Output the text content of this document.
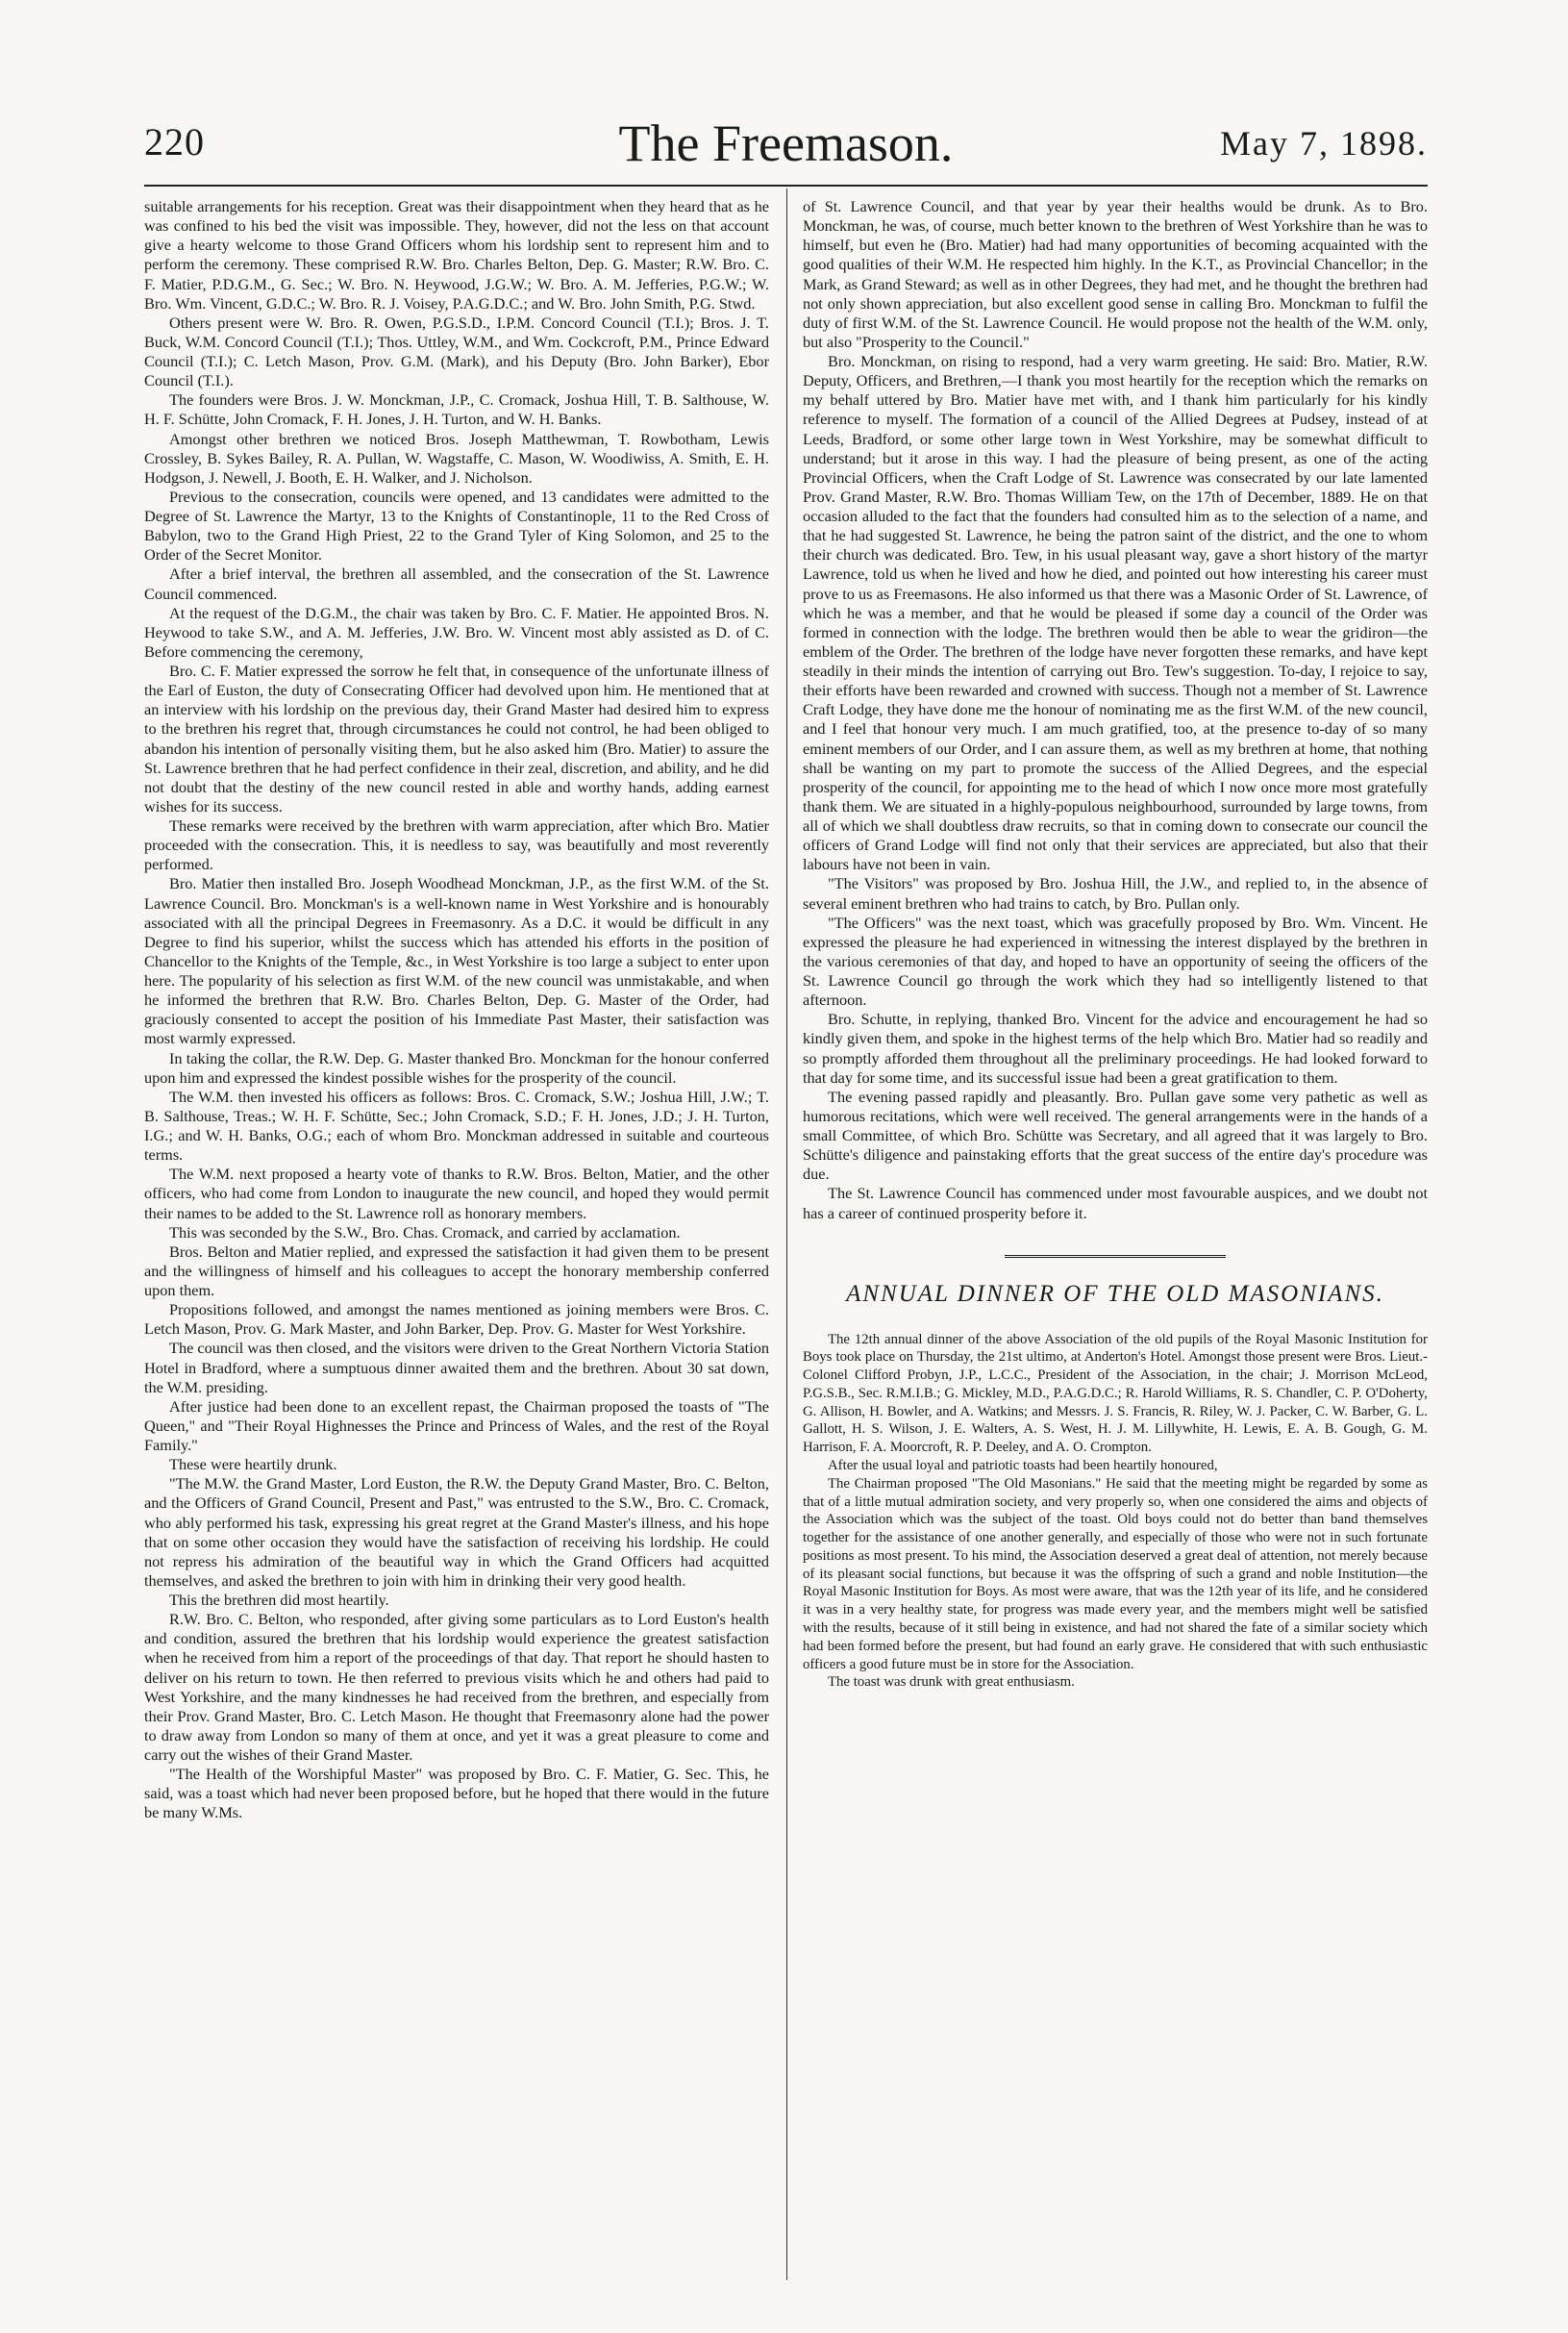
220	The Freemason.	May 7, 1898.

suitable arrangements for his reception. Great was their disappointment when they heard that as he was confined to his bed the visit was impossible. They, however, did not the less on that account give a hearty welcome to those Grand Officers whom his lordship sent to represent him and to perform the ceremony. These comprised R.W. Bro. Charles Belton, Dep. G. Master; R.W. Bro. C. F. Matier, P.D.G.M., G. Sec.; W. Bro. N. Heywood, J.G.W.; W. Bro. A. M. Jefferies, P.G.W.; W. Bro. Wm. Vincent, G.D.C.; W. Bro. R. J. Voisey, P.A.G.D.C.; and W. Bro. John Smith, P.G. Stwd.

Others present were W. Bro. R. Owen, P.G.S.D., I.P.M. Concord Council (T.I.); Bros. J. T. Buck, W.M. Concord Council (T.I.); Thos. Uttley, W.M., and Wm. Cockcroft, P.M., Prince Edward Council (T.I.); C. Letch Mason, Prov. G.M. (Mark), and his Deputy (Bro. John Barker), Ebor Council (T.I.).

The founders were Bros. J. W. Monckman, J.P., C. Cromack, Joshua Hill, T. B. Salthouse, W. H. F. Schütte, John Cromack, F. H. Jones, J. H. Turton, and W. H. Banks.

Amongst other brethren we noticed Bros. Joseph Matthewman, T. Rowbotham, Lewis Crossley, B. Sykes Bailey, R. A. Pullan, W. Wagstaffe, C. Mason, W. Woodiwiss, A. Smith, E. H. Hodgson, J. Newell, J. Booth, E. H. Walker, and J. Nicholson.

Previous to the consecration, councils were opened, and 13 candidates were admitted to the Degree of St. Lawrence the Martyr, 13 to the Knights of Constantinople, 11 to the Red Cross of Babylon, two to the Grand High Priest, 22 to the Grand Tyler of King Solomon, and 25 to the Order of the Secret Monitor.

After a brief interval, the brethren all assembled, and the consecration of the St. Lawrence Council commenced.

At the request of the D.G.M., the chair was taken by Bro. C. F. Matier. He appointed Bros. N. Heywood to take S.W., and A. M. Jefferies, J.W. Bro. W. Vincent most ably assisted as D. of C. Before commencing the ceremony,

Bro. C. F. Matier expressed the sorrow he felt that, in consequence of the unfortunate illness of the Earl of Euston, the duty of Consecrating Officer had devolved upon him. He mentioned that at an interview with his lordship on the previous day, their Grand Master had desired him to express to the brethren his regret that, through circumstances he could not control, he had been obliged to abandon his intention of personally visiting them, but he also asked him (Bro. Matier) to assure the St. Lawrence brethren that he had perfect confidence in their zeal, discretion, and ability, and he did not doubt that the destiny of the new council rested in able and worthy hands, adding earnest wishes for its success.

These remarks were received by the brethren with warm appreciation, after which Bro. Matier proceeded with the consecration. This, it is needless to say, was beautifully and most reverently performed.

Bro. Matier then installed Bro. Joseph Woodhead Monckman, J.P., as the first W.M. of the St. Lawrence Council. Bro. Monckman's is a well-known name in West Yorkshire and is honourably associated with all the principal Degrees in Freemasonry. As a D.C. it would be difficult in any Degree to find his superior, whilst the success which has attended his efforts in the position of Chancellor to the Knights of the Temple, &c., in West Yorkshire is too large a subject to enter upon here. The popularity of his selection as first W.M. of the new council was unmistakable, and when he informed the brethren that R.W. Bro. Charles Belton, Dep. G. Master of the Order, had graciously consented to accept the position of his Immediate Past Master, their satisfaction was most warmly expressed.

In taking the collar, the R.W. Dep. G. Master thanked Bro. Monckman for the honour conferred upon him and expressed the kindest possible wishes for the prosperity of the council.

The W.M. then invested his officers as follows: Bros. C. Cromack, S.W.; Joshua Hill, J.W.; T. B. Salthouse, Treas.; W. H. F. Schütte, Sec.; John Cromack, S.D.; F. H. Jones, J.D.; J. H. Turton, I.G.; and W. H. Banks, O.G.; each of whom Bro. Monckman addressed in suitable and courteous terms.

The W.M. next proposed a hearty vote of thanks to R.W. Bros. Belton, Matier, and the other officers, who had come from London to inaugurate the new council, and hoped they would permit their names to be added to the St. Lawrence roll as honorary members.

This was seconded by the S.W., Bro. Chas. Cromack, and carried by acclamation.

Bros. Belton and Matier replied, and expressed the satisfaction it had given them to be present and the willingness of himself and his colleagues to accept the honorary membership conferred upon them.

Propositions followed, and amongst the names mentioned as joining members were Bros. C. Letch Mason, Prov. G. Mark Master, and John Barker, Dep. Prov. G. Master for West Yorkshire.

The council was then closed, and the visitors were driven to the Great Northern Victoria Station Hotel in Bradford, where a sumptuous dinner awaited them and the brethren. About 30 sat down, the W.M. presiding.

After justice had been done to an excellent repast, the Chairman proposed the toasts of "The Queen," and "Their Royal Highnesses the Prince and Princess of Wales, and the rest of the Royal Family."

These were heartily drunk.

"The M.W. the Grand Master, Lord Euston, the R.W. the Deputy Grand Master, Bro. C. Belton, and the Officers of Grand Council, Present and Past," was entrusted to the S.W., Bro. C. Cromack, who ably performed his task, expressing his great regret at the Grand Master's illness, and his hope that on some other occasion they would have the satisfaction of receiving his lordship. He could not repress his admiration of the beautiful way in which the Grand Officers had acquitted themselves, and asked the brethren to join with him in drinking their very good health.

This the brethren did most heartily.

R.W. Bro. C. Belton, who responded, after giving some particulars as to Lord Euston's health and condition, assured the brethren that his lordship would experience the greatest satisfaction when he received from him a report of the proceedings of that day. That report he should hasten to deliver on his return to town. He then referred to previous visits which he and others had paid to West Yorkshire, and the many kindnesses he had received from the brethren, and especially from their Prov. Grand Master, Bro. C. Letch Mason. He thought that Freemasonry alone had the power to draw away from London so many of them at once, and yet it was a great pleasure to come and carry out the wishes of their Grand Master.

"The Health of the Worshipful Master" was proposed by Bro. C. F. Matier, G. Sec. This, he said, was a toast which had never been proposed before, but he hoped that there would in the future be many W.Ms.

of St. Lawrence Council, and that year by year their healths would be drunk. As to Bro. Monckman, he was, of course, much better known to the brethren of West Yorkshire than he was to himself, but even he (Bro. Matier) had had many opportunities of becoming acquainted with the good qualities of their W.M. He respected him highly. In the K.T., as Provincial Chancellor; in the Mark, as Grand Steward; as well as in other Degrees, they had met, and he thought the brethren had not only shown appreciation, but also excellent good sense in calling Bro. Monckman to fulfil the duty of first W.M. of the St. Lawrence Council. He would propose not the health of the W.M. only, but also "Prosperity to the Council."

Bro. Monckman, on rising to respond, had a very warm greeting. He said: Bro. Matier, R.W. Deputy, Officers, and Brethren,—I thank you most heartily for the reception which the remarks on my behalf uttered by Bro. Matier have met with, and I thank him particularly for his kindly reference to myself. The formation of a council of the Allied Degrees at Pudsey, instead of at Leeds, Bradford, or some other large town in West Yorkshire, may be somewhat difficult to understand; but it arose in this way. I had the pleasure of being present, as one of the acting Provincial Officers, when the Craft Lodge of St. Lawrence was consecrated by our late lamented Prov. Grand Master, R.W. Bro. Thomas William Tew, on the 17th of December, 1889. He on that occasion alluded to the fact that the founders had consulted him as to the selection of a name, and that he had suggested St. Lawrence, he being the patron saint of the district, and the one to whom their church was dedicated. Bro. Tew, in his usual pleasant way, gave a short history of the martyr Lawrence, told us when he lived and how he died, and pointed out how interesting his career must prove to us as Freemasons. He also informed us that there was a Masonic Order of St. Lawrence, of which he was a member, and that he would be pleased if some day a council of the Order was formed in connection with the lodge. The brethren would then be able to wear the gridiron—the emblem of the Order. The brethren of the lodge have never forgotten these remarks, and have kept steadily in their minds the intention of carrying out Bro. Tew's suggestion. To-day, I rejoice to say, their efforts have been rewarded and crowned with success. Though not a member of St. Lawrence Craft Lodge, they have done me the honour of nominating me as the first W.M. of the new council, and I feel that honour very much. I am much gratified, too, at the presence to-day of so many eminent members of our Order, and I can assure them, as well as my brethren at home, that nothing shall be wanting on my part to promote the success of the Allied Degrees, and the especial prosperity of the council, for appointing me to the head of which I now once more most gratefully thank them. We are situated in a highly-populous neighbourhood, surrounded by large towns, from all of which we shall doubtless draw recruits, so that in coming down to consecrate our council the officers of Grand Lodge will find not only that their services are appreciated, but also that their labours have not been in vain.

"The Visitors" was proposed by Bro. Joshua Hill, the J.W., and replied to, in the absence of several eminent brethren who had trains to catch, by Bro. Pullan only.

"The Officers" was the next toast, which was gracefully proposed by Bro. Wm. Vincent. He expressed the pleasure he had experienced in witnessing the interest displayed by the brethren in the various ceremonies of that day, and hoped to have an opportunity of seeing the officers of the St. Lawrence Council go through the work which they had so intelligently listened to that afternoon.

Bro. Schutte, in replying, thanked Bro. Vincent for the advice and encouragement he had so kindly given them, and spoke in the highest terms of the help which Bro. Matier had so readily and so promptly afforded them throughout all the preliminary proceedings. He had looked forward to that day for some time, and its successful issue had been a great gratification to them.

The evening passed rapidly and pleasantly. Bro. Pullan gave some very pathetic as well as humorous recitations, which were well received. The general arrangements were in the hands of a small Committee, of which Bro. Schütte was Secretary, and all agreed that it was largely to Bro. Schütte's diligence and painstaking efforts that the great success of the entire day's procedure was due.

The St. Lawrence Council has commenced under most favourable auspices, and we doubt not has a career of continued prosperity before it.

ANNUAL DINNER OF THE OLD MASONIANS.

The 12th annual dinner of the above Association of the old pupils of the Royal Masonic Institution for Boys took place on Thursday, the 21st ultimo, at Anderton's Hotel. Amongst those present were Bros. Lieut.-Colonel Clifford Probyn, J.P., L.C.C., President of the Association, in the chair; J. Morrison McLeod, P.G.S.B., Sec. R.M.I.B.; G. Mickley, M.D., P.A.G.D.C.; R. Harold Williams, R. S. Chandler, C. P. O'Doherty, G. Allison, H. Bowler, and A. Watkins; and Messrs. J. S. Francis, R. Riley, W. J. Packer, C. W. Barber, G. L. Gallott, H. S. Wilson, J. E. Walters, A. S. West, H. J. M. Lillywhite, H. Lewis, E. A. B. Gough, G. M. Harrison, F. A. Moorcroft, R. P. Deeley, and A. O. Crompton.

After the usual loyal and patriotic toasts had been heartily honoured,

The Chairman proposed "The Old Masonians." He said that the meeting might be regarded by some as that of a little mutual admiration society, and very properly so, when one considered the aims and objects of the Association which was the subject of the toast. Old boys could not do better than band themselves together for the assistance of one another generally, and especially of those who were not in such fortunate positions as most present. To his mind, the Association deserved a great deal of attention, not merely because of its pleasant social functions, but because it was the offspring of such a grand and noble Institution—the Royal Masonic Institution for Boys. As most were aware, that was the 12th year of its life, and he considered it was in a very healthy state, for progress was made every year, and the members might well be satisfied with the results, because of it still being in existence, and had not shared the fate of a similar society which had been formed before the present, but had found an early grave. He considered that with such enthusiastic officers a good future must be in store for the Association.

The toast was drunk with great enthusiasm.
